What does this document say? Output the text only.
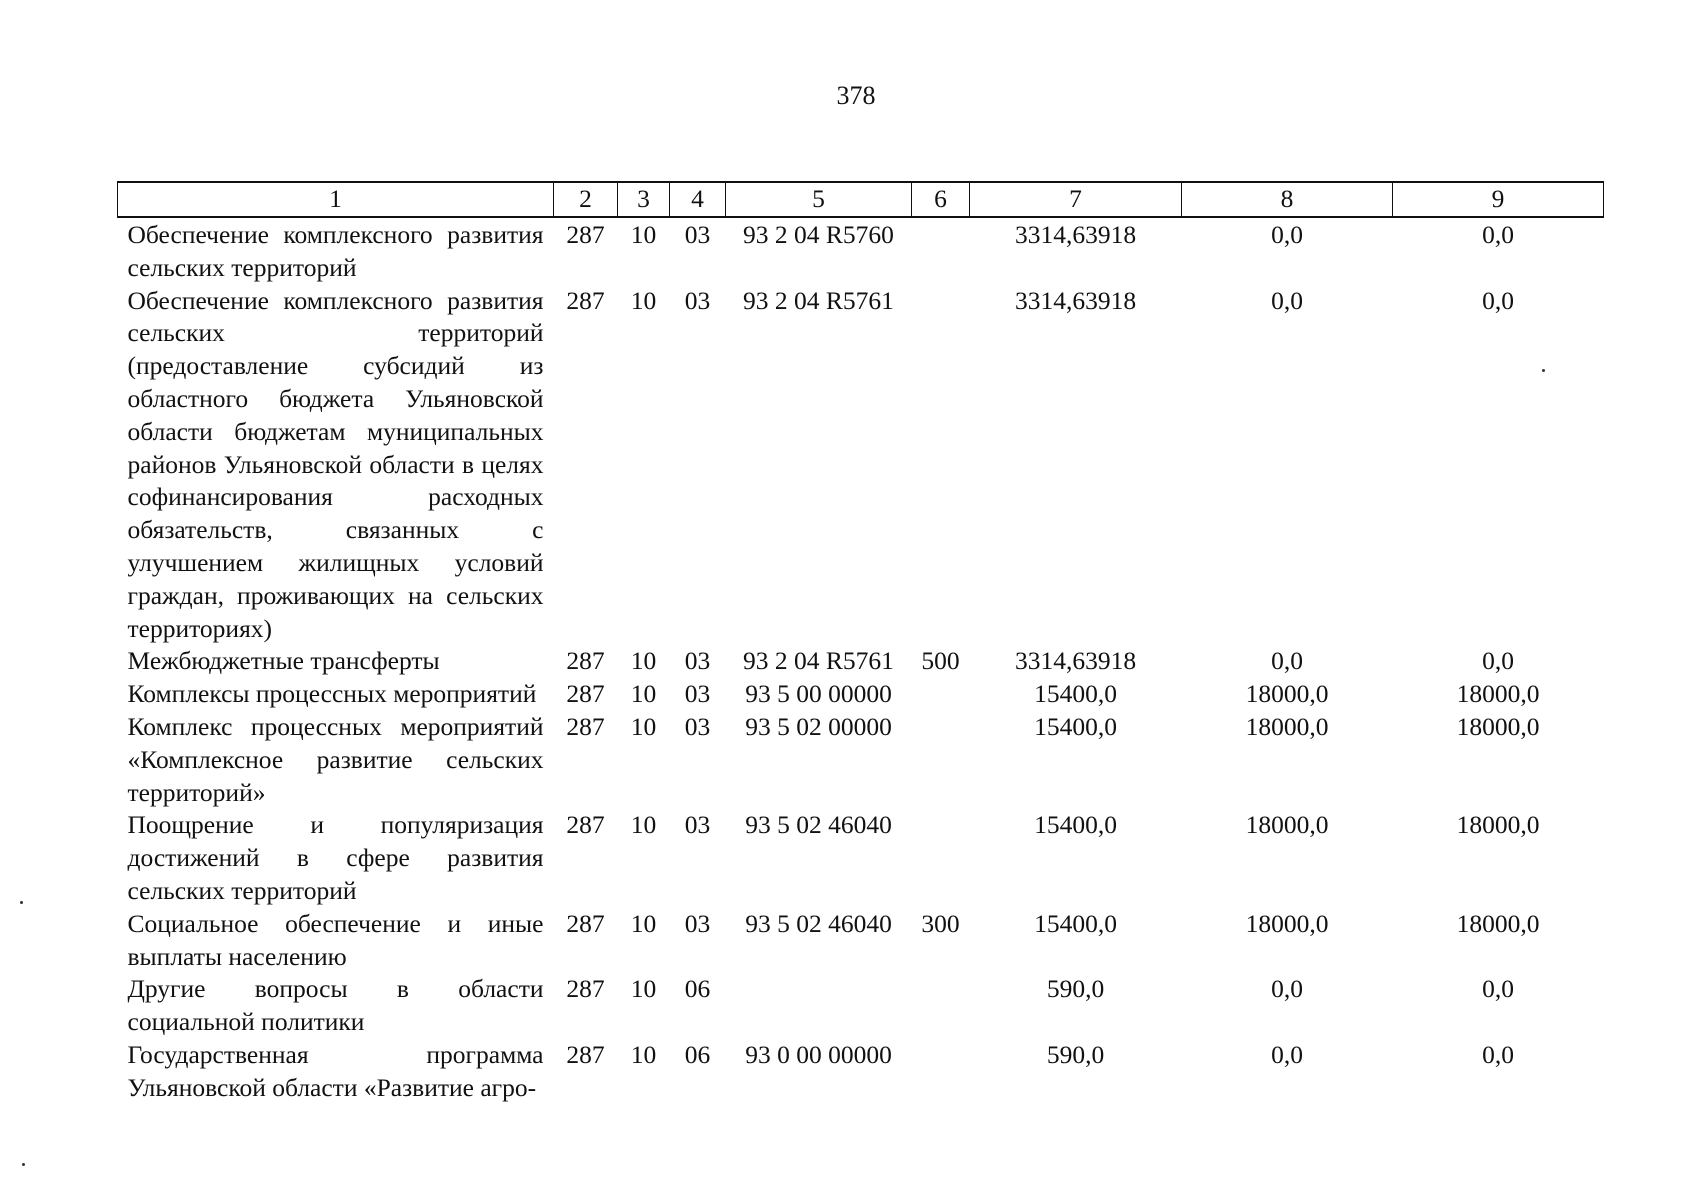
378
1	2	3	4	5	6	7	8	9
Обеспечение комплексного развития сельских территорий	287	10	03	93 2 04 R5760		3314,63918	0,0	0,0
Обеспечение комплексного развития сельских территорий (предоставление субсидий из областного бюджета Ульяновской области бюджетам муниципальных районов Ульяновской области в целях софинансирования расходных обязательств, связанных с улучшением жилищных условий граждан, проживающих на сельских территориях)	287	10	03	93 2 04 R5761		3314,63918	0,0	0,0
Межбюджетные трансферты	287	10	03	93 2 04 R5761	500	3314,63918	0,0	0,0
Комплексы процессных мероприятий	287	10	03	93 5 00 00000		15400,0	18000,0	18000,0
Комплекс процессных мероприятий «Комплексное развитие сельских территорий»	287	10	03	93 5 02 00000		15400,0	18000,0	18000,0
Поощрение и популяризация достижений в сфере развития сельских территорий	287	10	03	93 5 02 46040		15400,0	18000,0	18000,0
Социальное обеспечение и иные выплаты населению	287	10	03	93 5 02 46040	300	15400,0	18000,0	18000,0
Другие вопросы в области социальной политики	287	10	06			590,0	0,0	0,0
Государственная программа Ульяновской области «Развитие агро-	287	10	06	93 0 00 00000		590,0	0,0	0,0
